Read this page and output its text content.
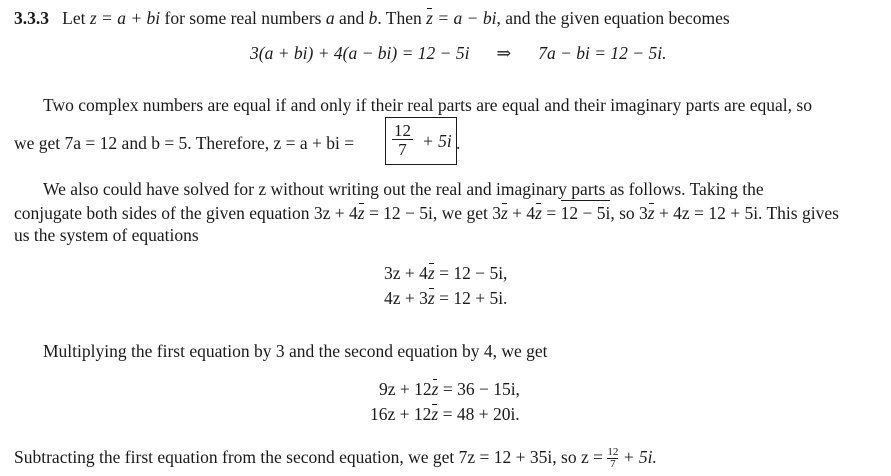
3.3.3 Let z = a + bi for some real numbers a and b. Then z = a − bi, and the given equation becomes
3(a + bi) + 4(a − bi) = 12 − 5i ⇒ 7a − bi = 12 − 5i.
Two complex numbers are equal if and only if their real parts are equal and their imaginary parts are equal, so
we get 7a = 12 and b = 5. Therefore, z = a + bi = $\frac{12}{7} + 5i$ .
We also could have solved for z without writing out the real and imaginary parts as follows. Taking the
conjugate both sides of the given equation 3z + 4z = 12 − 5i, we get 3z + 4z = 12 − 5i, so 3z + 4z = 12 + 5i. This gives
us the system of equations
3z + 4z = 12 − 5i,
4z + 3z = 12 + 5i.
Multiplying the first equation by 3 and the second equation by 4, we get
9z + 12z = 36 − 15i,
16z + 12z = 48 + 20i.
Subtracting the first equation from the second equation, we get 7z = 12 + 35i, so $z = \frac{12}{7} + 5i$.
